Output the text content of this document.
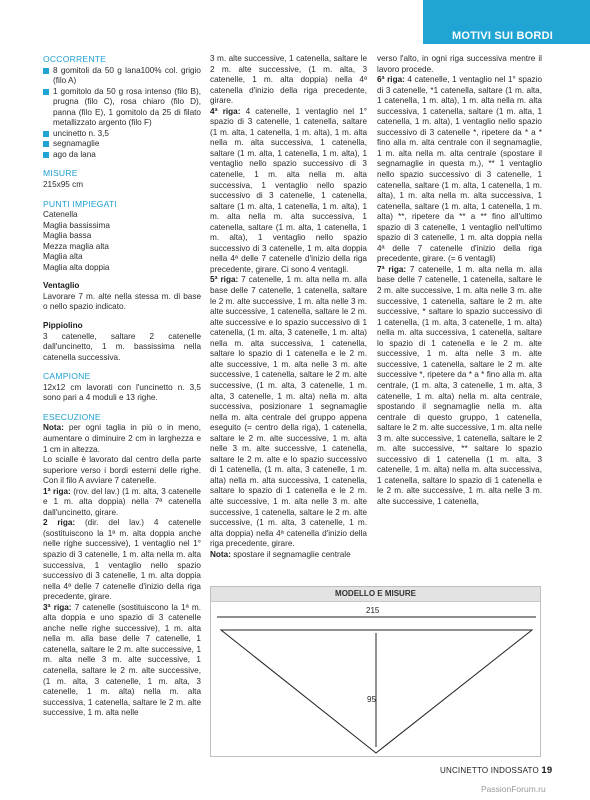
MOTIVI SUI BORDI
OCCORRENTE
8 gomitoli da 50 g lana100% col. grigio (filo A)
1 gomitolo da 50 g rosa intenso (filo B), prugna (filo C), rosa chiaro (filo D), panna (filo E), 1 gomitolo da 25 di filato metallizzato argento (filo F)
uncinetto n. 3,5
segnamaglie
ago da lana
MISURE
215x95 cm
PUNTI IMPIEGATI
Catenella
Maglia bassissima
Maglia bassa
Mezza maglia alta
Maglia alta
Maglia alta doppia
Ventaglio

Lavorare 7 m. alte nella stessa m. di base o nello spazio indicato.

Pippiolino

3 catenelle, saltare 2 catenelle dall'uncinetto, 1 m. bassissima nella catenella successiva.

CAMPIONE

12x12 cm lavorati con l'uncinetto n. 3,5 sono pari a 4 moduli e 13 righe.

ESECUZIONE

Nota: per ogni taglia in più o in meno, aumentare o diminuire 2 cm in larghezza e 1 cm in altezza.

Lo scialle è lavorato dal centro della parte superiore verso i bordi esterni delle righe. Con il filo A avviare 7 catenelle.

1ª riga: (rov. del lav.) (1 m. alta, 3 catenelle e 1 m. alta doppia) nella 7ª catenella dall'uncinetto, girare.

2 riga: (dir. del lav.) 4 catenelle (sostituiscono la 1ª m. alta doppia anche nelle righe successive), 1 ventaglio nel 1° spazio di 3 catenelle, 1 m. alta nella m. alta successiva, 1 ventaglio nello spazio successivo di 3 catenelle, 1 m. alta doppia nella 4ª delle 7 catenelle d'inizio della riga precedente, girare.

3ª riga: 7 catenelle (sostituiscono la 1ª m. alta doppia e uno spazio di 3 catenelle anche nelle righe successive), 1 m. alta nella m. alla base delle 7 catenelle, 1 catenella, saltare le 2 m. alte successive, 1 m. alta nelle 3 m. alte successive, 1 catenella, saltare le 2 m. alte successive, (1 m. alta, 3 catenelle, 1 m. alta, 3 catenelle, 1 m. alta) nella m. alta successiva, 1 catenella, saltare le 2 m. alte successive, 1 m. alta nelle

3 m. alte successive, 1 catenella, saltare le 2 m. alte successive, (1 m. alta, 3 catenelle, 1 m. alta doppia) nella 4ª catenella d'inizio della riga precedente, girare.

4ª riga: 4 catenelle, 1 ventaglio nel 1° spazio di 3 catenelle, 1 catenella, saltare (1 m. alta, 1 catenella, 1 m. alta), 1 m. alta nella m. alta successiva, 1 catenella, saltare (1 m. alta, 1 catenella, 1 m. alta), 1 ventaglio nello spazio successivo di 3 catenelle, 1 m. alta nella m. alta successiva, 1 ventaglio nello spazio successivo di 3 catenelle, 1 catenella, saltare (1 m. alta, 1 catenella, 1 m. alta), 1 m. alta nella m. alta successiva, 1 catenella, saltare (1 m. alta, 1 catenella, 1 m. alta), 1 ventaglio nello spazio successivo di 3 catenelle, 1 m. alta doppia nella 4ª delle 7 catenelle d'inizio della riga precedente, girare. Ci sono 4 ventagli.

5ª riga: 7 catenelle, 1 m. alta nella m. alla base delle 7 catenelle, 1 catenella, saltare le 2 m. alte successive, 1 m. alta nelle 3 m. alte successive, 1 catenella, saltare le 2 m. alte successive e lo spazio successivo di 1 catenella, (1 m. alta, 3 catenelle, 1 m. alta) nella m. alta successiva, 1 catenella, saltare lo spazio di 1 catenella e le 2 m. alte successive, 1 m. alta nelle 3 m. alte successive, 1 catenella, saltare le 2 m. alte successive, (1 m. alta, 3 catenelle, 1 m. alta, 3 catenelle, 1 m. alta) nella m. alta successiva, posizionare 1 segnamaglie nella m. alta centrale del gruppo appena eseguito (= centro della riga), 1 catenella, saltare le 2 m. alte successive, 1 m. alta nelle 3 m. alte successive, 1 catenella, saltare le 2 m. alte e lo spazio successivo di 1 catenella, (1 m. alta, 3 catenelle, 1 m. alta) nella m. alta successiva, 1 catenella, saltare lo spazio di 1 catenella e le 2 m. alte successive, 1 m. alta nelle 3 m. alte successive, 1 catenella, saltare le 2 m. alte successive, (1 m. alta, 3 catenelle, 1 m. alta doppia) nella 4ª catenella d'inizio della riga precedente, girare.

Nota: spostare il segnamaglie centrale

verso l'alto, in ogni riga successiva mentre il lavoro procede.

6ª riga: 4 catenelle, 1 ventaglio nel 1° spazio di 3 catenelle, *1 catenella, saltare (1 m. alta, 1 catenella, 1 m. alta), 1 m. alta nella m. alta successiva, 1 catenella, saltare (1 m. alta, 1 catenella, 1 m. alta), 1 ventaglio nello spazio successivo di 3 catenelle *, ripetere da * a * fino alla m. alta centrale con il segnamaglie, 1 m. alta nella m. alta centrale (spostare il segnamaglie in questa m.), ** 1 ventaglio nello spazio successivo di 3 catenelle, 1 catenella, saltare (1 m. alta, 1 catenella, 1 m. alta), 1 m. alta nella m. alta successiva, 1 catenella, saltare (1 m. alta, 1 catenella, 1 m. alta) **, ripetere da ** a ** fino all'ultimo spazio di 3 catenelle, 1 ventaglio nell'ultimo spazio di 3 catenelle, 1 m. alta doppia nella 4ª delle 7 catenelle d'inizio della riga precedente, girare. (= 6 ventagli)

7ª riga: 7 catenelle, 1 m. alta nella m. alla base delle 7 catenelle, 1 catenella, saltare le 2 m. alte successive, 1 m. alta nelle 3 m. alte successive, 1 catenella, saltare le 2 m. alte successive, * saltare lo spazio successivo di 1 catenella, (1 m. alta, 3 catenelle, 1 m. alta) nella m. alta successiva, 1 catenella, saltare lo spazio di 1 catenella e le 2 m. alte successive, 1 m. alta nelle 3 m. alte successive, 1 catenella, saltare le 2 m. alte successive *, ripetere da * a * fino alla m. alta centrale, (1 m. alta, 3 catenelle, 1 m. alta, 3 catenelle, 1 m. alta) nella m. alta centrale, spostando il segnamaglie nella m. alta centrale di questo gruppo, 1 catenella, saltare le 2 m. alte successive, 1 m. alta nelle 3 m. alte successive, 1 catenella, saltare le 2 m. alte successive, ** saltare lo spazio successivo di 1 catenella (1 m. alta, 3 catenelle, 1 m. alta) nella m. alta successiva, 1 catenella, saltare lo spazio di 1 catenella e le 2 m. alte successive, 1 m. alta nelle 3 m. alte successive, 1 catenella,

MODELLO E MISURE
215
95
UNCINETTO INDOSSATO 19
PassionForum.ru
